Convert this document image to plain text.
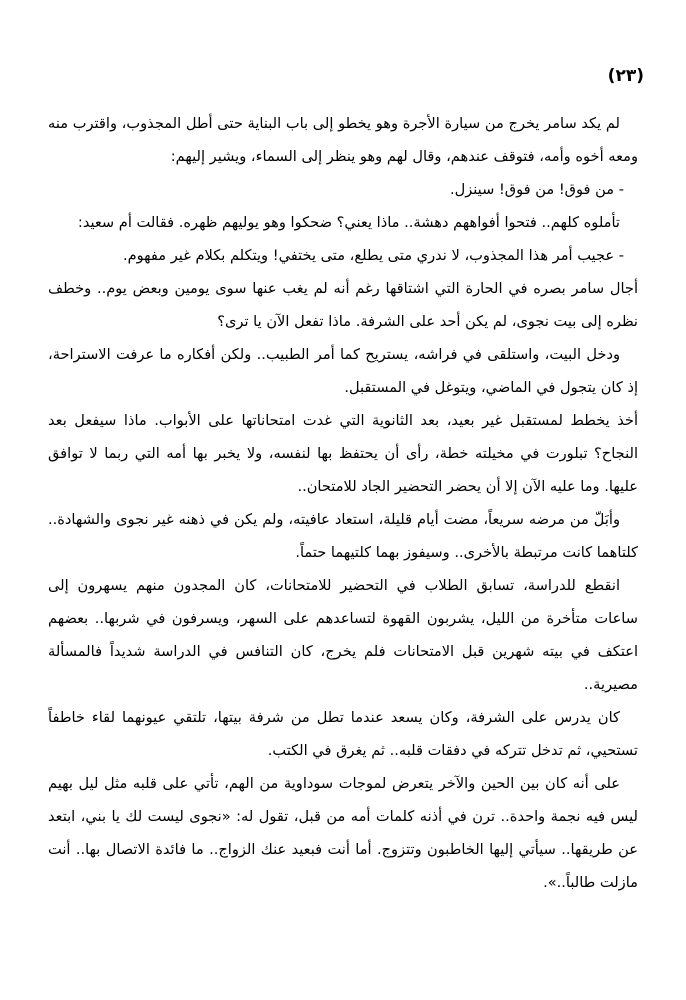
(٢٣)

لم يكد سامر يخرج من سيارة الأجرة وهو يخطو إلى باب البناية حتى أطل المجذوب، واقترب منه ومعه أخوه وأمه، فتوقف عندهم، وقال لهم وهو ينظر إلى السماء، ويشير إليهم:

- من فوق! من فوق! سينزل.

تأملوه كلهم.. فتحوا أفواههم دهشة.. ماذا يعني؟ ضحكوا وهو يوليهم ظهره. فقالت أم سعيد:

- عجيب أمر هذا المجذوب، لا ندري متى يطلع، متى يختفي! ويتكلم بكلام غير مفهوم.

أجال سامر بصره في الحارة التي اشتاقها رغم أنه لم يغب عنها سوى يومين وبعض يوم.. وخطف نظره إلى بيت نجوى، لم يكن أحد على الشرفة. ماذا تفعل الآن يا ترى؟

ودخل البيت، واستلقى في فراشه، يستريح كما أمر الطبيب.. ولكن أفكاره ما عرفت الاستراحة، إذ كان يتجول في الماضي، ويتوغل في المستقبل.

أخذ يخطط لمستقبل غير بعيد، بعد الثانوية التي غدت امتحاناتها على الأبواب. ماذا سيفعل بعد النجاح؟ تبلورت في مخيلته خطة، رأى أن يحتفظ بها لنفسه، ولا يخبر بها أمه التي ربما لا توافق عليها. وما عليه الآن إلا أن يحضر التحضير الجاد للامتحان..

وأبَلّ من مرضه سريعاً، مضت أيام قليلة، استعاد عافيته، ولم يكن في ذهنه غير نجوى والشهادة.. كلتاهما كانت مرتبطة بالأخرى.. وسيفوز بهما كلتيهما حتماً.

انقطع للدراسة، تسابق الطلاب في التحضير للامتحانات، كان المجدون منهم يسهرون إلى ساعات متأخرة من الليل، يشربون القهوة لتساعدهم على السهر، ويسرفون في شربها.. بعضهم اعتكف في بيته شهرين قبل الامتحانات فلم يخرج، كان التنافس في الدراسة شديداً فالمسألة مصيرية..

كان يدرس على الشرفة، وكان يسعد عندما تطل من شرفة بيتها، تلتقي عيونهما لقاء خاطفاً تستحيي، ثم تدخل تتركه في دفقات قلبه.. ثم يغرق في الكتب.

على أنه كان بين الحين والآخر يتعرض لموجات سوداوية من الهم، تأتي على قلبه مثل ليل بهيم ليس فيه نجمة واحدة.. ترن في أذنه كلمات أمه من قبل، تقول له: «نجوى ليست لك يا بني، ابتعد عن طريقها.. سيأتي إليها الخاطبون وتتزوج. أما أنت فبعيد عنك الزواج.. ما فائدة الاتصال بها.. أنت مازلت طالباً..».
